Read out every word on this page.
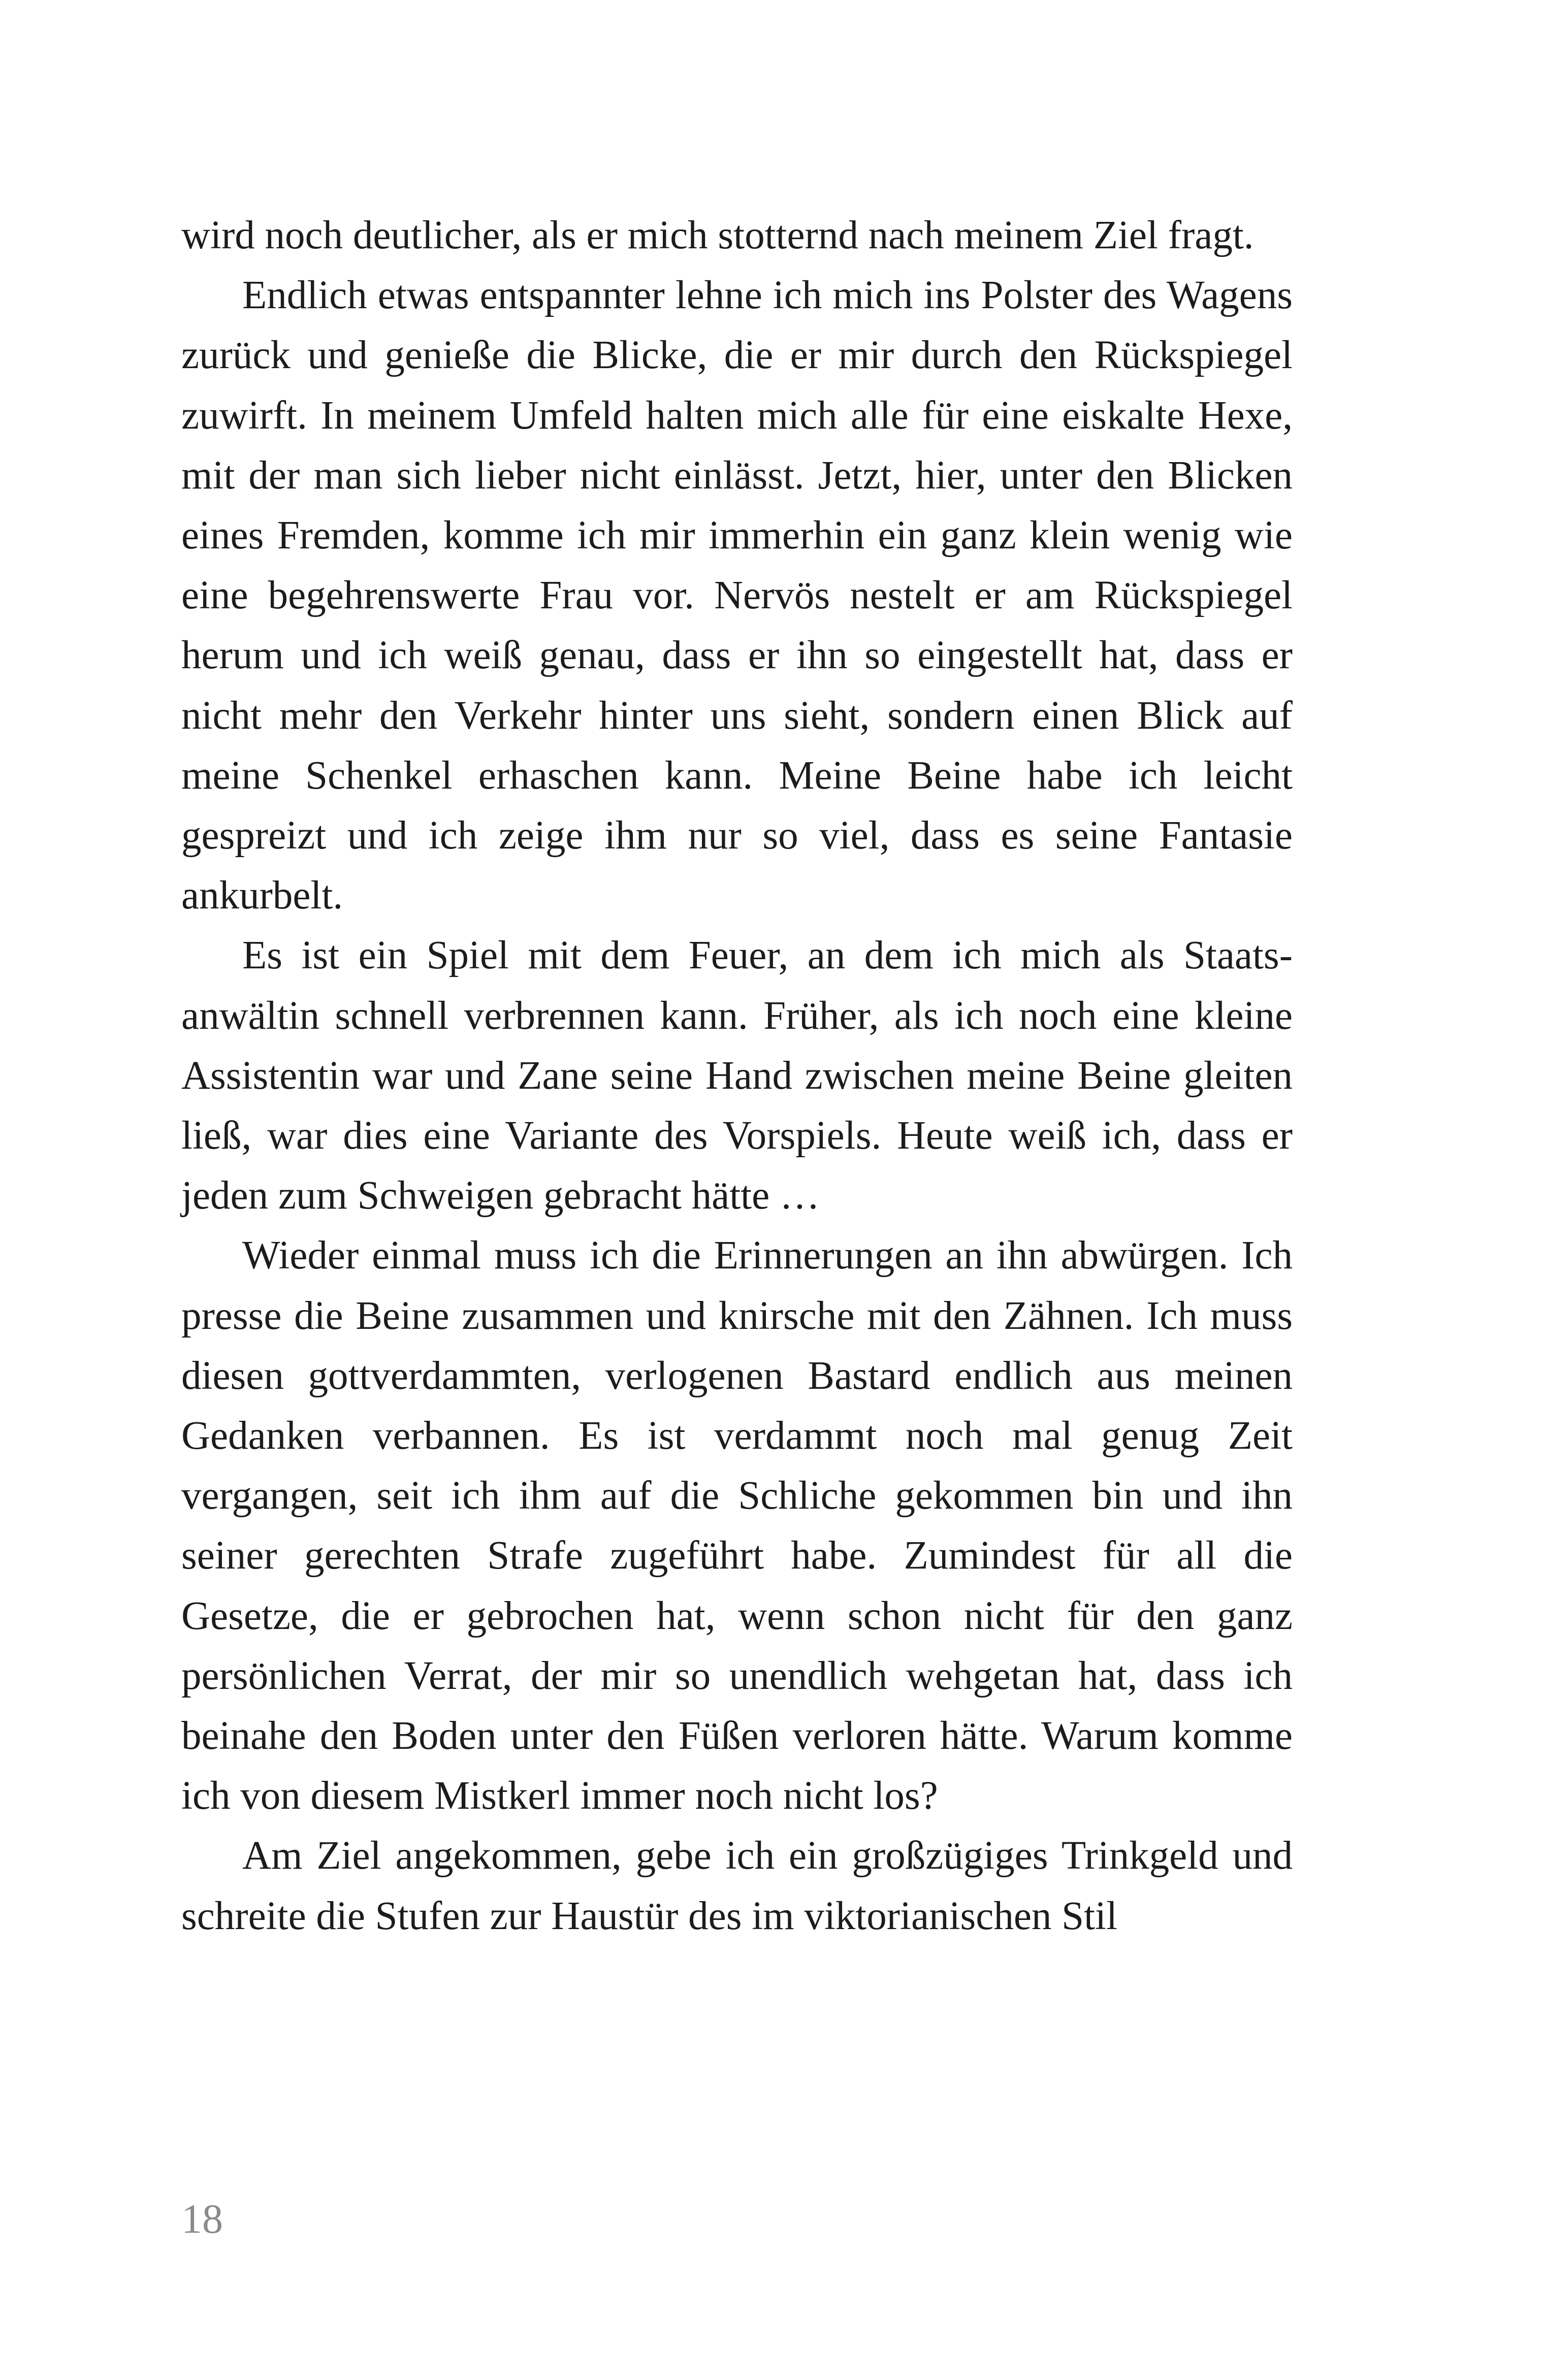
wird noch deutlicher, als er mich stotternd nach meinem Ziel fragt.

Endlich etwas entspannter lehne ich mich ins Polster des Wagens zurück und genieße die Blicke, die er mir durch den Rückspiegel zuwirft. In meinem Umfeld halten mich alle für eine eiskalte Hexe, mit der man sich lieber nicht einlässt. Jetzt, hier, unter den Blicken eines Fremden, komme ich mir immerhin ein ganz klein wenig wie eine begehrenswerte Frau vor. Nervös nestelt er am Rückspiegel herum und ich weiß genau, dass er ihn so eingestellt hat, dass er nicht mehr den Verkehr hinter uns sieht, sondern einen Blick auf meine Schenkel erhaschen kann. Meine Beine habe ich leicht gespreizt und ich zeige ihm nur so viel, dass es seine Fantasie ankurbelt.

Es ist ein Spiel mit dem Feuer, an dem ich mich als Staatsanwältin schnell verbrennen kann. Früher, als ich noch eine kleine Assistentin war und Zane seine Hand zwischen meine Beine gleiten ließ, war dies eine Variante des Vorspiels. Heute weiß ich, dass er jeden zum Schweigen gebracht hätte …

Wieder einmal muss ich die Erinnerungen an ihn abwürgen. Ich presse die Beine zusammen und knirsche mit den Zähnen. Ich muss diesen gottverdammten, verlogenen Bastard endlich aus meinen Gedanken verbannen. Es ist verdammt noch mal genug Zeit vergangen, seit ich ihm auf die Schliche gekommen bin und ihn seiner gerechten Strafe zugeführt habe. Zumindest für all die Gesetze, die er gebrochen hat, wenn schon nicht für den ganz persönlichen Verrat, der mir so unendlich wehgetan hat, dass ich beinahe den Boden unter den Füßen verloren hätte. Warum komme ich von diesem Mistkerl immer noch nicht los?

Am Ziel angekommen, gebe ich ein großzügiges Trinkgeld und schreite die Stufen zur Haustür des im viktorianischen Stil

18
